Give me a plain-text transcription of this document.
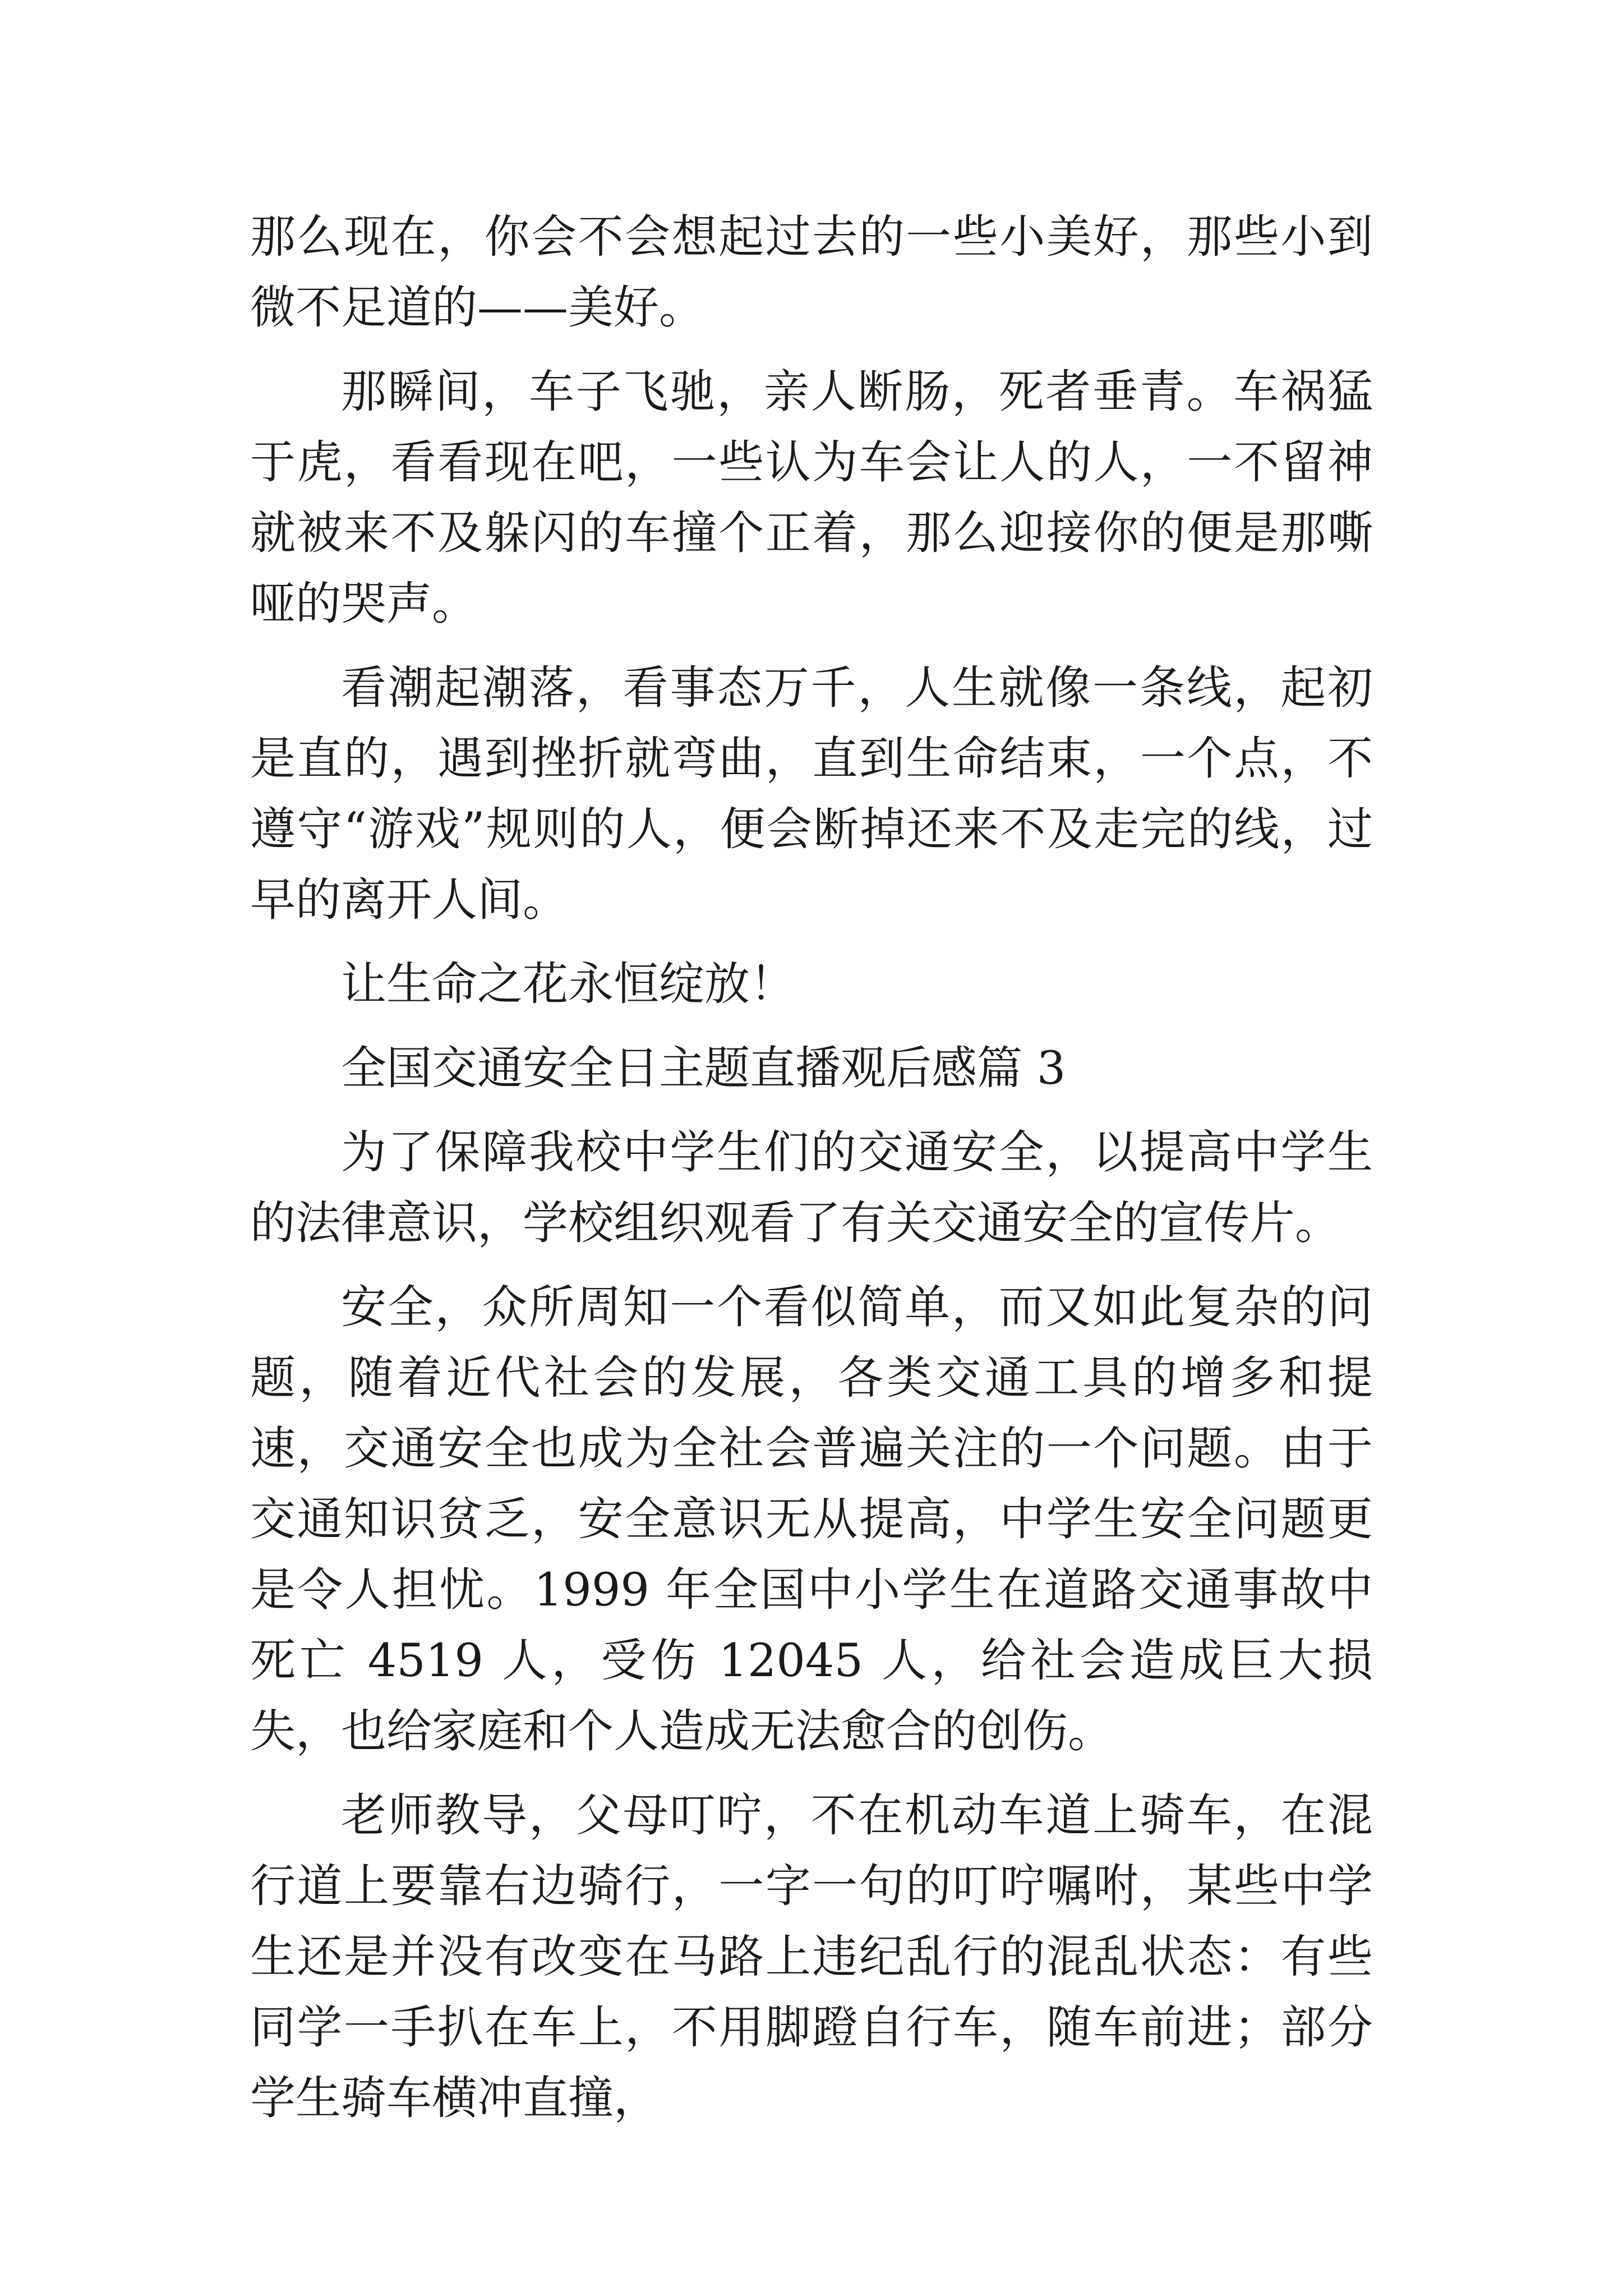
那么现在，你会不会想起过去的一些小美好，那些小到微不足道的——美好。

那瞬间，车子飞驰，亲人断肠，死者垂青。车祸猛于虎，看看现在吧，一些认为车会让人的人，一不留神就被来不及躲闪的车撞个正着，那么迎接你的便是那嘶哑的哭声。

看潮起潮落，看事态万千，人生就像一条线，起初是直的，遇到挫折就弯曲，直到生命结束，一个点，不遵守“游戏”规则的人，便会断掉还来不及走完的线，过早的离开人间。

让生命之花永恒绽放！

全国交通安全日主题直播观后感篇 3

为了保障我校中学生们的交通安全，以提高中学生的法律意识，学校组织观看了有关交通安全的宣传片。

安全，众所周知一个看似简单，而又如此复杂的问题，随着近代社会的发展，各类交通工具的增多和提速，交通安全也成为全社会普遍关注的一个问题。由于交通知识贫乏，安全意识无从提高，中学生安全问题更是令人担忧。1999 年全国中小学生在道路交通事故中死亡 4519 人，受伤 12045 人，给社会造成巨大损失，也给家庭和个人造成无法愈合的创伤。

老师教导，父母叮咛，不在机动车道上骑车，在混行道上要靠右边骑行，一字一句的叮咛嘱咐，某些中学生还是并没有改变在马路上违纪乱行的混乱状态：有些同学一手扒在车上，不用脚蹬自行车，随车前进；部分学生骑车横冲直撞，
